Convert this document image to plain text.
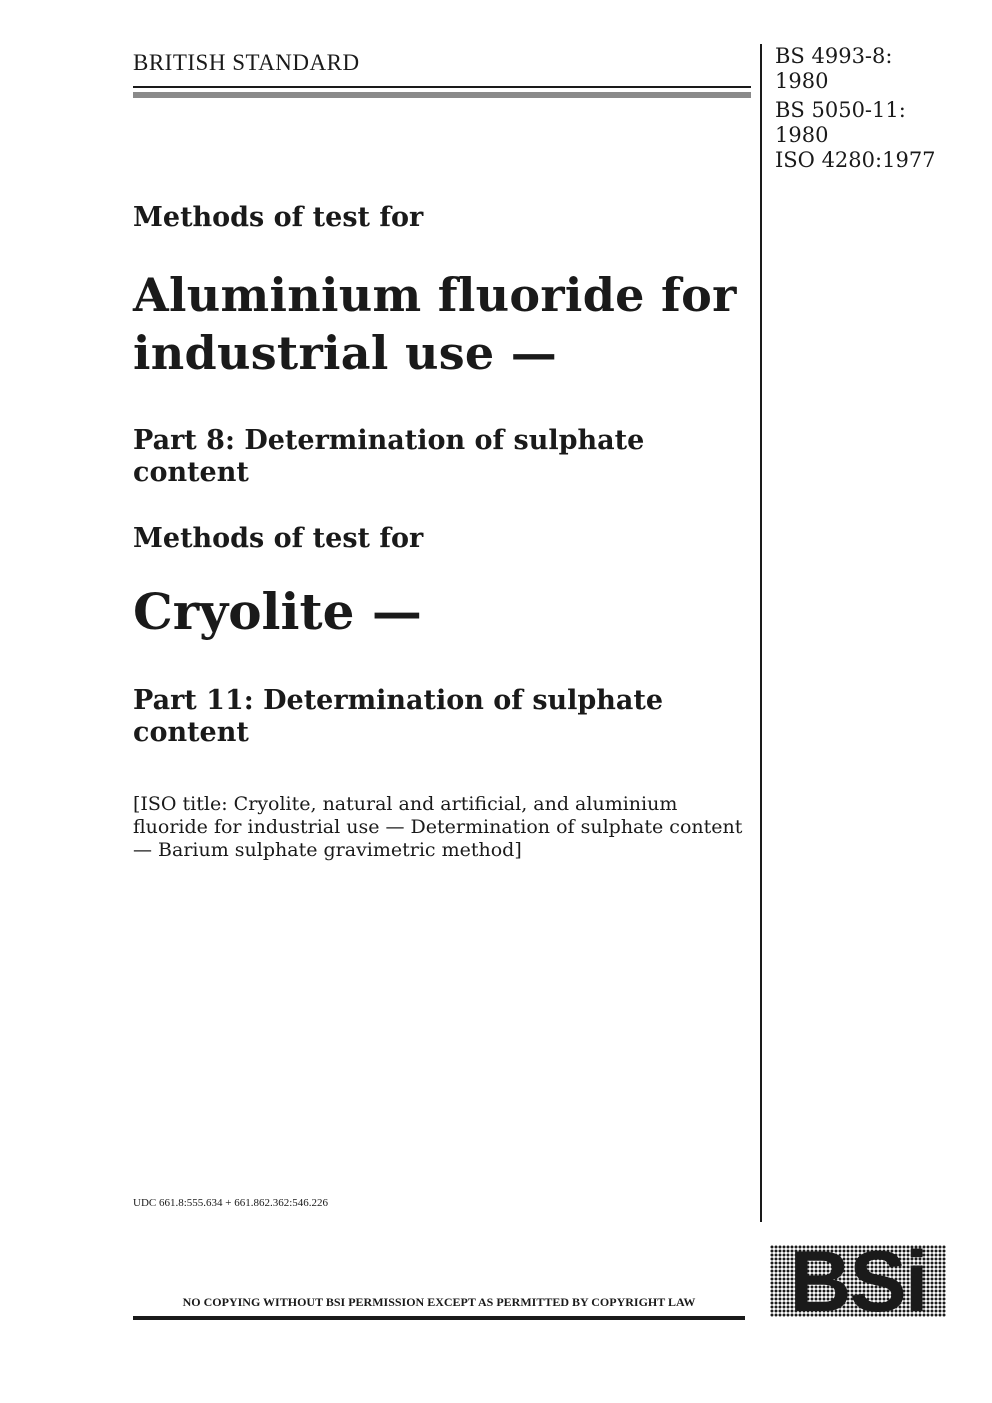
BRITISH STANDARD	BS 4993-8:
1980
BS 5050-11:
1980
ISO 4280:1977
Methods of test for
Aluminium fluoride for industrial use —
Part 8: Determination of sulphate content
Methods of test for
Cryolite —
Part 11: Determination of sulphate content
[ISO title: Cryolite, natural and artificial, and aluminium fluoride for industrial use — Determination of sulphate content — Barium sulphate gravimetric method]
UDC 661.8:555.634 + 661.862.362:546.226
NO COPYING WITHOUT BSI PERMISSION EXCEPT AS PERMITTED BY COPYRIGHT LAW
